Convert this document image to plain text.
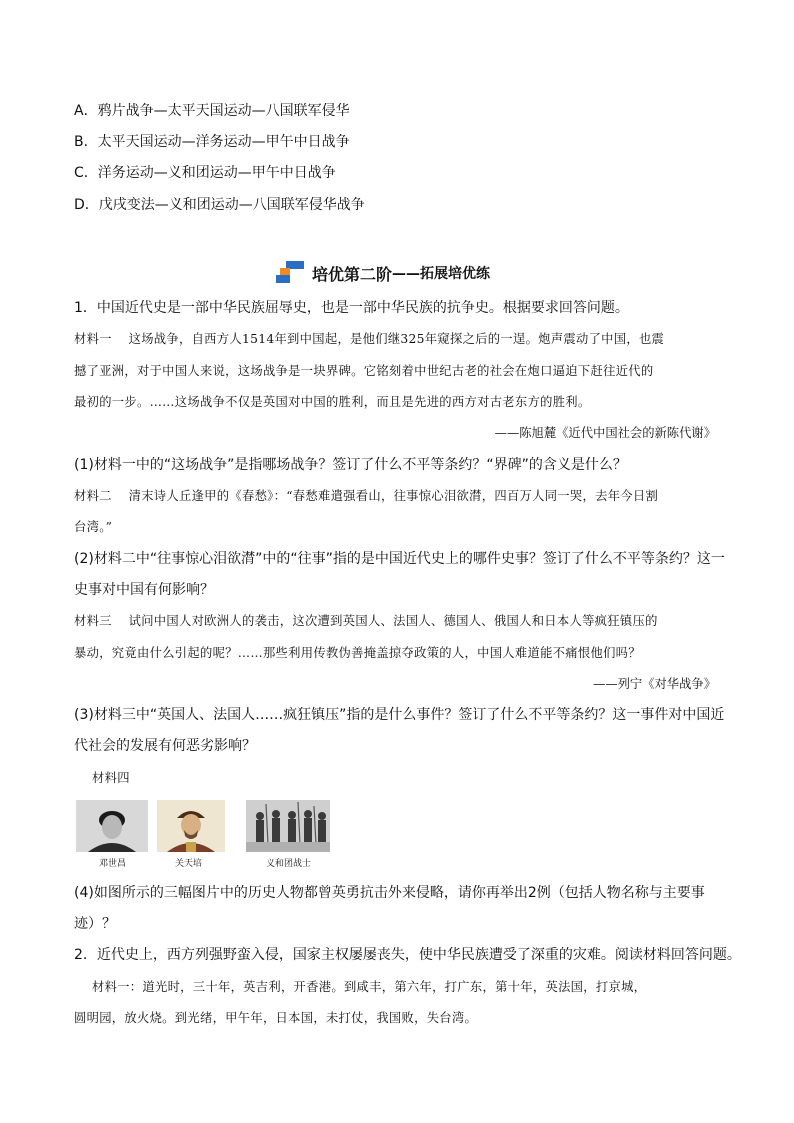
A．鸦片战争—太平天国运动—八国联军侵华
B．太平天国运动—洋务运动—甲午中日战争
C．洋务运动—义和团运动—甲午中日战争
D．戊戌变法—义和团运动—八国联军侵华战争
培优第二阶 ——拓展培优练
1．中国近代史是一部中华民族屈辱史，也是一部中华民族的抗争史。根据要求回答问题。
材料一　 这场战争，自西方人1514年到中国起，是他们继325年窥探之后的一逞。炮声震动了中国，也震
撼了亚洲，对于中国人来说，这场战争是一块界碑。它铭刻着中世纪古老的社会在炮口逼迫下赶往近代的
最初的一步。……这场战争不仅是英国对中国的胜利，而且是先进的西方对古老东方的胜利。
——陈旭麓《近代中国社会的新陈代谢》
(1)材料一中的“这场战争”是指哪场战争？签订了什么不平等条约？“界碑”的含义是什么？
材料二　 清末诗人丘逢甲的《春愁》：“春愁难遣强看山，往事惊心泪欲潸，四百万人同一哭，去年今日割
台湾。”
(2)材料二中“往事惊心泪欲潸”中的“往事”指的是中国近代史上的哪件史事？签订了什么不平等条约？这一
史事对中国有何影响？
材料三　 试问中国人对欧洲人的袭击，这次遭到英国人、法国人、德国人、俄国人和日本人等疯狂镇压的
暴动，究竟由什么引起的呢？……那些利用传教伪善掩盖掠夺政策的人，中国人难道能不痛恨他们吗？
——列宁《对华战争》
(3)材料三中“英国人、法国人……疯狂镇压”指的是什么事件？签订了什么不平等条约？这一事件对中国近
代社会的发展有何恶劣影响？
材料四
邓世昌	关天培	义和团战士
(4)如图所示的三幅图片中的历史人物都曾英勇抗击外来侵略，请你再举出2例（包括人物名称与主要事
迹）？
2．近代史上，西方列强野蛮入侵，国家主权屡屡丧失，使中华民族遭受了深重的灾难。阅读材料回答问题。
材料一：道光时，三十年，英吉利，开香港。到咸丰，第六年，打广东，第十年，英法国，打京城，
圆明园，放火烧。到光绪，甲午年，日本国，未打仗，我国败，失台湾。
